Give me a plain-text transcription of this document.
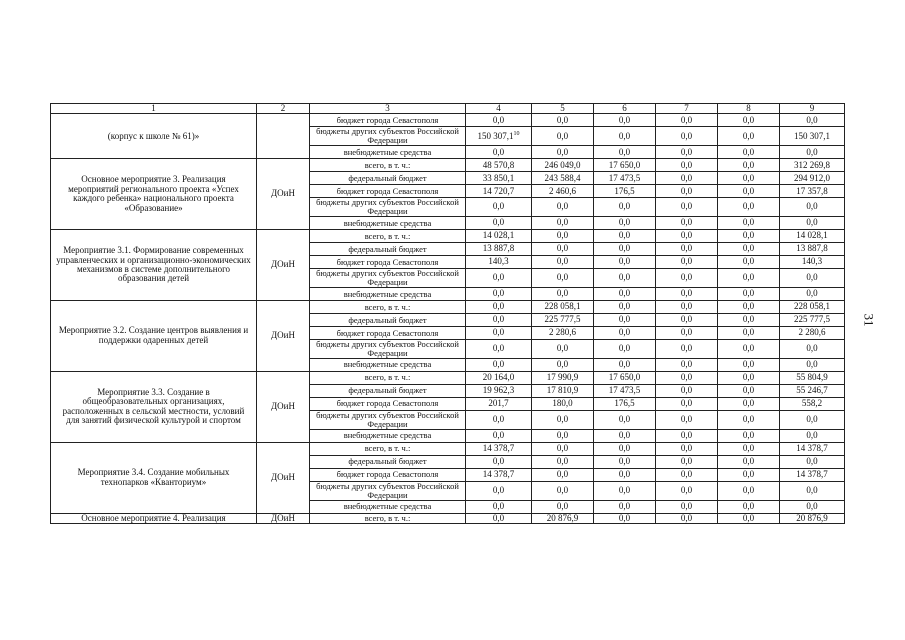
1	2	3	4	5	6	7	8	9
(корпус к школе № 61)»		бюджет города Севастополя	0,0	0,0	0,0	0,0	0,0	0,0
		бюджеты других субъектов Российской Федерации	150 307,1$^{10}$	0,0	0,0	0,0	0,0	150 307,1
		внебюджетные средства	0,0	0,0	0,0	0,0	0,0	0,0
Основное мероприятие 3. Реализация мероприятий регионального проекта «Успех каждого ребенка» национального проекта «Образование»	ДОиН	всего, в т. ч.:	48 570,8	246 049,0	17 650,0	0,0	0,0	312 269,8
		федеральный бюджет	33 850,1	243 588,4	17 473,5	0,0	0,0	294 912,0
		бюджет города Севастополя	14 720,7	2 460,6	176,5	0,0	0,0	17 357,8
		бюджеты других субъектов Российской Федерации	0,0	0,0	0,0	0,0	0,0	0,0
		внебюджетные средства	0,0	0,0	0,0	0,0	0,0	0,0
Мероприятие 3.1. Формирование современных управленческих и организационно-экономических механизмов в системе дополнительного образования детей	ДОиН	всего, в т. ч.:	14 028,1	0,0	0,0	0,0	0,0	14 028,1
		федеральный бюджет	13 887,8	0,0	0,0	0,0	0,0	13 887,8
		бюджет города Севастополя	140,3	0,0	0,0	0,0	0,0	140,3
		бюджеты других субъектов Российской Федерации	0,0	0,0	0,0	0,0	0,0	0,0
		внебюджетные средства	0,0	0,0	0,0	0,0	0,0	0,0
Мероприятие 3.2. Создание центров выявления и поддержки одаренных детей	ДОиН	всего, в т. ч.:	0,0	228 058,1	0,0	0,0	0,0	228 058,1
		федеральный бюджет	0,0	225 777,5	0,0	0,0	0,0	225 777,5
		бюджет города Севастополя	0,0	2 280,6	0,0	0,0	0,0	2 280,6
		бюджеты других субъектов Российской Федерации	0,0	0,0	0,0	0,0	0,0	0,0
		внебюджетные средства	0,0	0,0	0,0	0,0	0,0	0,0
Мероприятие 3.3. Создание в общеобразовательных организациях, расположенных в сельской местности, условий для занятий физической культурой и спортом	ДОиН	всего, в т. ч.:	20 164,0	17 990,9	17 650,0	0,0	0,0	55 804,9
		федеральный бюджет	19 962,3	17 810,9	17 473,5	0,0	0,0	55 246,7
		бюджет города Севастополя	201,7	180,0	176,5	0,0	0,0	558,2
		бюджеты других субъектов Российской Федерации	0,0	0,0	0,0	0,0	0,0	0,0
		внебюджетные средства	0,0	0,0	0,0	0,0	0,0	0,0
Мероприятие 3.4. Создание мобильных технопарков «Кванториум»	ДОиН	всего, в т. ч.:	14 378,7	0,0	0,0	0,0	0,0	14 378,7
		федеральный бюджет	0,0	0,0	0,0	0,0	0,0	0,0
		бюджет города Севастополя	14 378,7	0,0	0,0	0,0	0,0	14 378,7
		бюджеты других субъектов Российской Федерации	0,0	0,0	0,0	0,0	0,0	0,0
		внебюджетные средства	0,0	0,0	0,0	0,0	0,0	0,0
Основное мероприятие 4. Реализация	ДОиН	всего, в т. ч.:	0,0	20 876,9	0,0	0,0	0,0	20 876,9
31
